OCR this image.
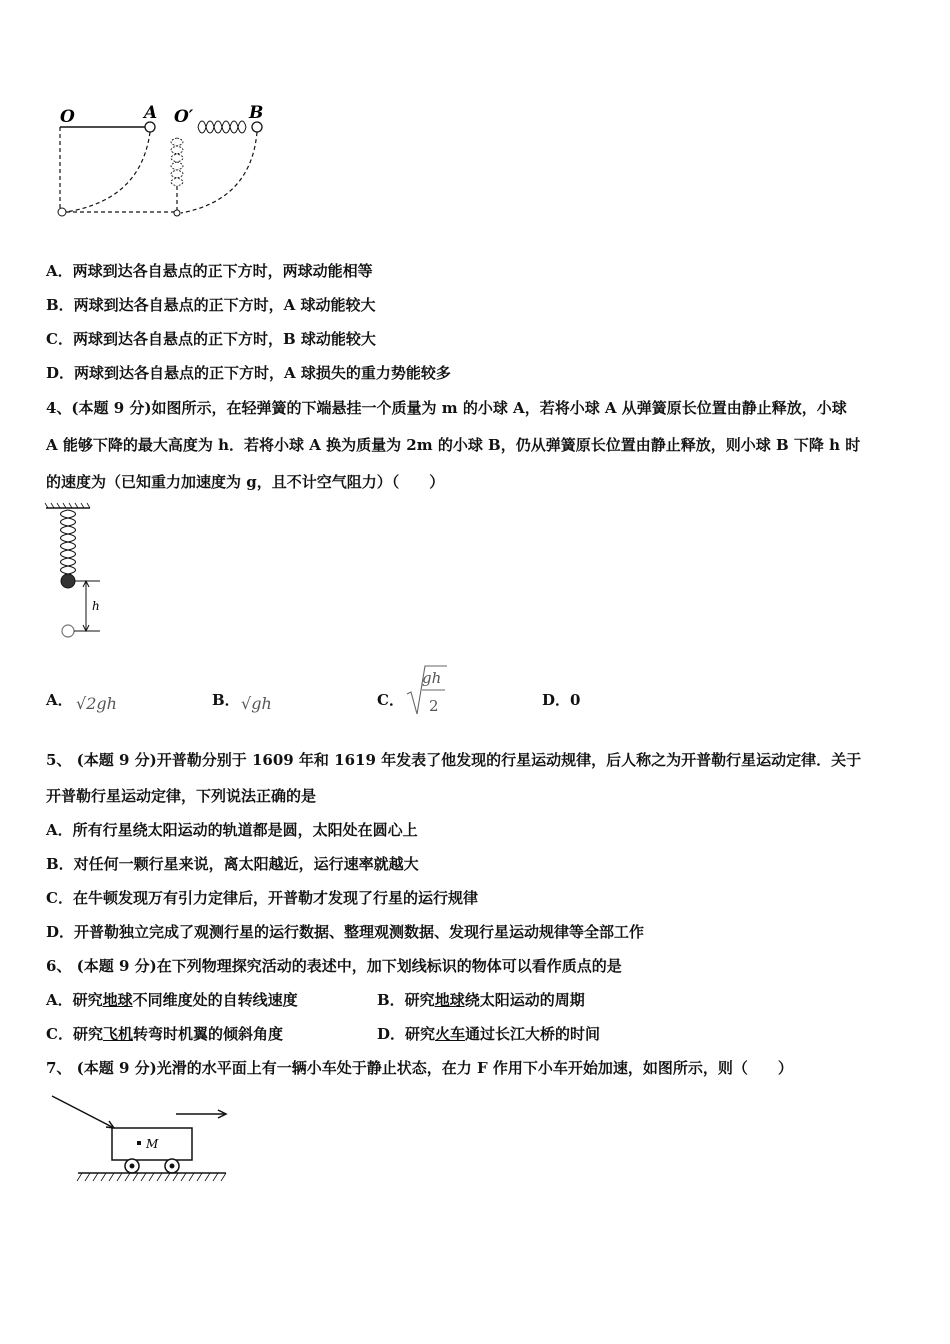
O	A O′	B
A．两球到达各自悬点的正下方时，两球动能相等
B．两球到达各自悬点的正下方时，A 球动能较大
C．两球到达各自悬点的正下方时，B 球动能较大
D．两球到达各自悬点的正下方时，A 球损失的重力势能较多
4、(本题 9 分)如图所示，在轻弹簧的下端悬挂一个质量为 m 的小球 A，若将小球 A 从弹簧原长位置由静止释放，小球
A 能够下降的最大高度为 h．若将小球 A 换为质量为 2m 的小球 B，仍从弹簧原长位置由静止释放，则小球 B 下降 h 时
的速度为（已知重力加速度为 g，且不计空气阻力）（　　）
h
A． √2gh	B． √gh	C．
gh
2	D．0
5、 (本题 9 分)开普勒分别于 1609 年和 1619 年发表了他发现的行星运动规律，后人称之为开普勒行星运动定律．关于
开普勒行星运动定律，下列说法正确的是
A．所有行星绕太阳运动的轨道都是圆，太阳处在圆心上
B．对任何一颗行星来说，离太阳越近，运行速率就越大
C．在牛顿发现万有引力定律后，开普勒才发现了行星的运行规律
D．开普勒独立完成了观测行星的运行数据、整理观测数据、发现行星运动规律等全部工作
6、 (本题 9 分)在下列物理探究活动的表述中，加下划线标识的物体可以看作质点的是
A．研究地球不同维度处的自转线速度	B．研究地球绕太阳运动的周期
C．研究飞机转弯时机翼的倾斜角度	D．研究火车通过长江大桥的时间
7、 (本题 9 分)光滑的水平面上有一辆小车处于静止状态，在力 F 作用下小车开始加速，如图所示，则（　　）
M
